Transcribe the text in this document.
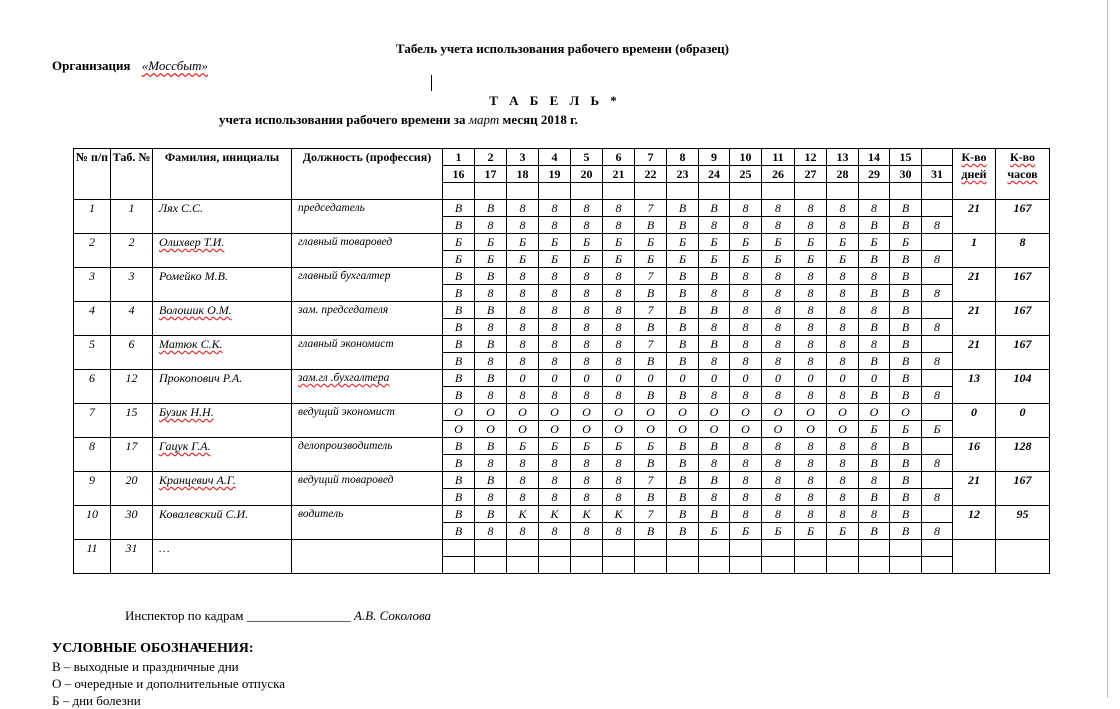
Табель учета использования рабочего времени (образец)
Организация «Моссбыт»
Т А Б Е Л Ь *
учета использования рабочего времени за март месяц 2018 г.
№ п/п	Таб. №	Фамилия, инициалы	Должность (профессия)	1	2	3	4	5	6	7	8	9	10	11	12	13	14	15		К-во дней	К-во часов
				16	17	18	19	20	21	22	23	24	25	26	27	28	29	30	31		

1	1	Лях С.С.	председатель	В	В	8	8	8	8	7	В	В	8	8	8	8	8	В		21	167
				В	8	8	8	8	8	В	В	8	8	8	8	8	В	В	8		
2	2	Олихвер Т.И.	главный товаровед	Б	Б	Б	Б	Б	Б	Б	Б	Б	Б	Б	Б	Б	Б	Б		1	8
				Б	Б	Б	Б	Б	Б	Б	Б	Б	Б	Б	Б	Б	В	В	8		
3	3	Ромейко М.В.	главный бухгалтер	В	В	8	8	8	8	7	В	В	8	8	8	8	8	В		21	167
				В	8	8	8	8	8	В	В	8	8	8	8	8	В	В	8		
4	4	Волошик О.М.	зам. председателя	В	В	8	8	8	8	7	В	В	8	8	8	8	8	В		21	167
				В	8	8	8	8	8	В	В	8	8	8	8	8	В	В	8		
5	6	Матюк С.К.	главный экономист	В	В	8	8	8	8	7	В	В	8	8	8	8	8	В		21	167
				В	8	8	8	8	8	В	В	8	8	8	8	8	В	В	8		
6	12	Прокопович Р.А.	зам.гл .бухгалтера	В	В	0	0	0	0	0	0	0	0	0	0	0	0	В		13	104
				В	8	8	8	8	8	В	В	8	8	8	8	8	В	В	8		
7	15	Бузик Н.Н.	ведущий экономист	О	О	О	О	О	О	О	О	О	О	О	О	О	О	О		0	0
				О	О	О	О	О	О	О	О	О	О	О	О	О	Б	Б	Б		
8	17	Гацук Г.А.	делопроизводитель	В	В	Б	Б	Б	Б	Б	В	В	8	8	8	8	8	В		16	128
				В	8	8	8	8	8	В	В	8	8	8	8	8	В	В	8		
9	20	Кранцевич А.Г.	ведущий товаровед	В	В	8	8	8	8	7	В	В	8	8	8	8	8	В		21	167
				В	8	8	8	8	8	В	В	8	8	8	8	8	В	В	8		
10	30	Ковалевский С.И.	водитель	В	В	К	К	К	К	7	В	В	8	8	8	8	8	В		12	95
				В	8	8	8	8	8	В	В	Б	Б	Б	Б	Б	В	В	8		
11	31	…																			

Инспектор по кадрам ________________ А.В. Соколова
УСЛОВНЫЕ ОБОЗНАЧЕНИЯ:
В – выходные и праздничные дни
О – очередные и дополнительные отпуска
Б – дни болезни
